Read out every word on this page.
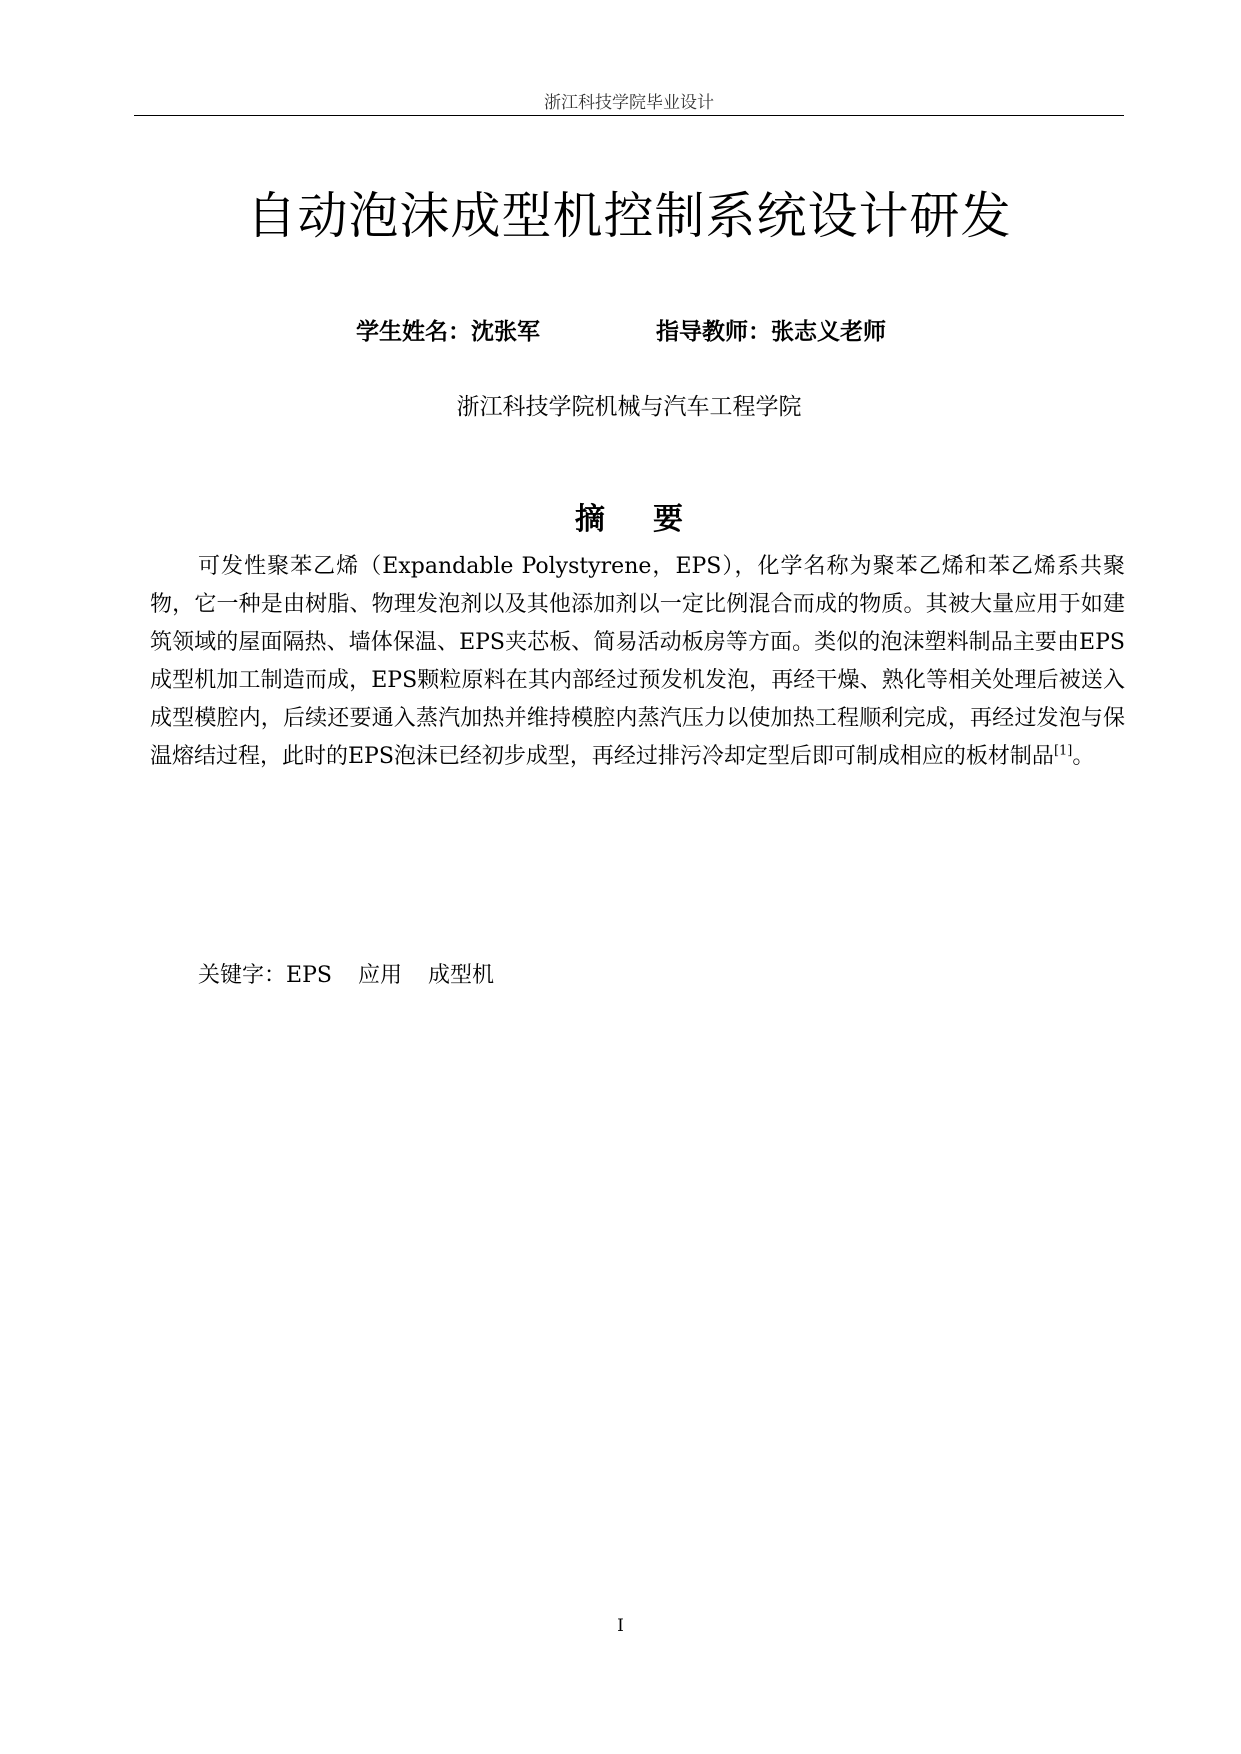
浙江科技学院毕业设计
自动泡沫成型机控制系统设计研发
学生姓名：沈张军	指导教师：张志义老师
浙江科技学院机械与汽车工程学院
摘要

可发性聚苯乙烯（Expandable Polystyrene，EPS），化学名称为聚苯乙烯和苯乙烯系共聚物，它一种是由树脂、物理发泡剂以及其他添加剂以一定比例混合而成的物质。其被大量应用于如建筑领域的屋面隔热、墙体保温、EPS夹芯板、简易活动板房等方面。类似的泡沫塑料制品主要由EPS成型机加工制造而成，EPS颗粒原料在其内部经过预发机发泡，再经干燥、熟化等相关处理后被送入成型模腔内，后续还要通入蒸汽加热并维持模腔内蒸汽压力以使加热工程顺利完成，再经过发泡与保温熔结过程，此时的EPS泡沫已经初步成型，再经过排污冷却定型后即可制成相应的板材制品[1]。

关键字：EPS 应用 成型机
I
